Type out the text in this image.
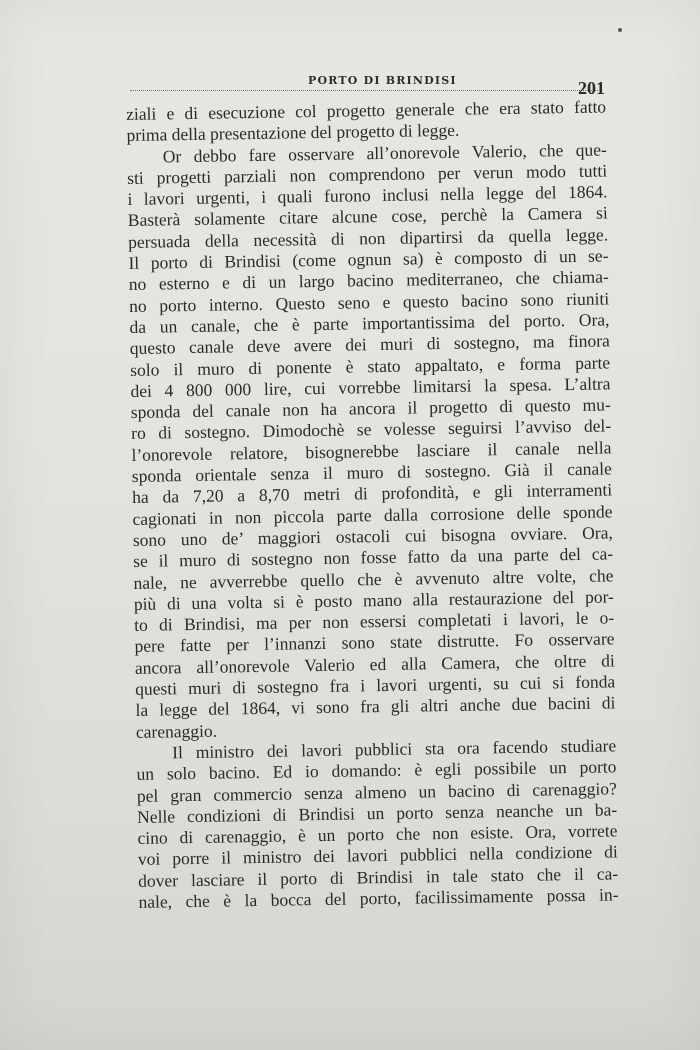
PORTO DI BRINDISI	201
ziali e di esecuzione col progetto generale che era stato fatto
prima della presentazione del progetto di legge.
Or debbo fare osservare all’onorevole Valerio, che que-
sti progetti parziali non comprendono per verun modo tutti
i lavori urgenti, i quali furono inclusi nella legge del 1864.
Basterà solamente citare alcune cose, perchè la Camera si
persuada della necessità di non dipartirsi da quella legge.
Il porto di Brindisi (come ognun sa) è composto di un se-
no esterno e di un largo bacino mediterraneo, che chiama-
no porto interno. Questo seno e questo bacino sono riuniti
da un canale, che è parte importantissima del porto. Ora,
questo canale deve avere dei muri di sostegno, ma finora
solo il muro di ponente è stato appaltato, e forma parte
dei 4 800 000 lire, cui vorrebbe limitarsi la spesa. L’altra
sponda del canale non ha ancora il progetto di questo mu-
ro di sostegno. Dimodochè se volesse seguirsi l’avviso del-
l’onorevole relatore, bisognerebbe lasciare il canale nella
sponda orientale senza il muro di sostegno. Già il canale
ha da 7,20 a 8,70 metri di profondità, e gli interramenti
cagionati in non piccola parte dalla corrosione delle sponde
sono uno de’ maggiori ostacoli cui bisogna ovviare. Ora,
se il muro di sostegno non fosse fatto da una parte del ca-
nale, ne avverrebbe quello che è avvenuto altre volte, che
più di una volta si è posto mano alla restaurazione del por-
to di Brindisi, ma per non essersi completati i lavori, le o-
pere fatte per l’innanzi sono state distrutte. Fo osservare
ancora all’onorevole Valerio ed alla Camera, che oltre di
questi muri di sostegno fra i lavori urgenti, su cui si fonda
la legge del 1864, vi sono fra gli altri anche due bacini di
carenaggio.
Il ministro dei lavori pubblici sta ora facendo studiare
un solo bacino. Ed io domando: è egli possibile un porto
pel gran commercio senza almeno un bacino di carenaggio?
Nelle condizioni di Brindisi un porto senza neanche un ba-
cino di carenaggio, è un porto che non esiste. Ora, vorrete
voi porre il ministro dei lavori pubblici nella condizione di
dover lasciare il porto di Brindisi in tale stato che il ca-
nale, che è la bocca del porto, facilissimamente possa in-
